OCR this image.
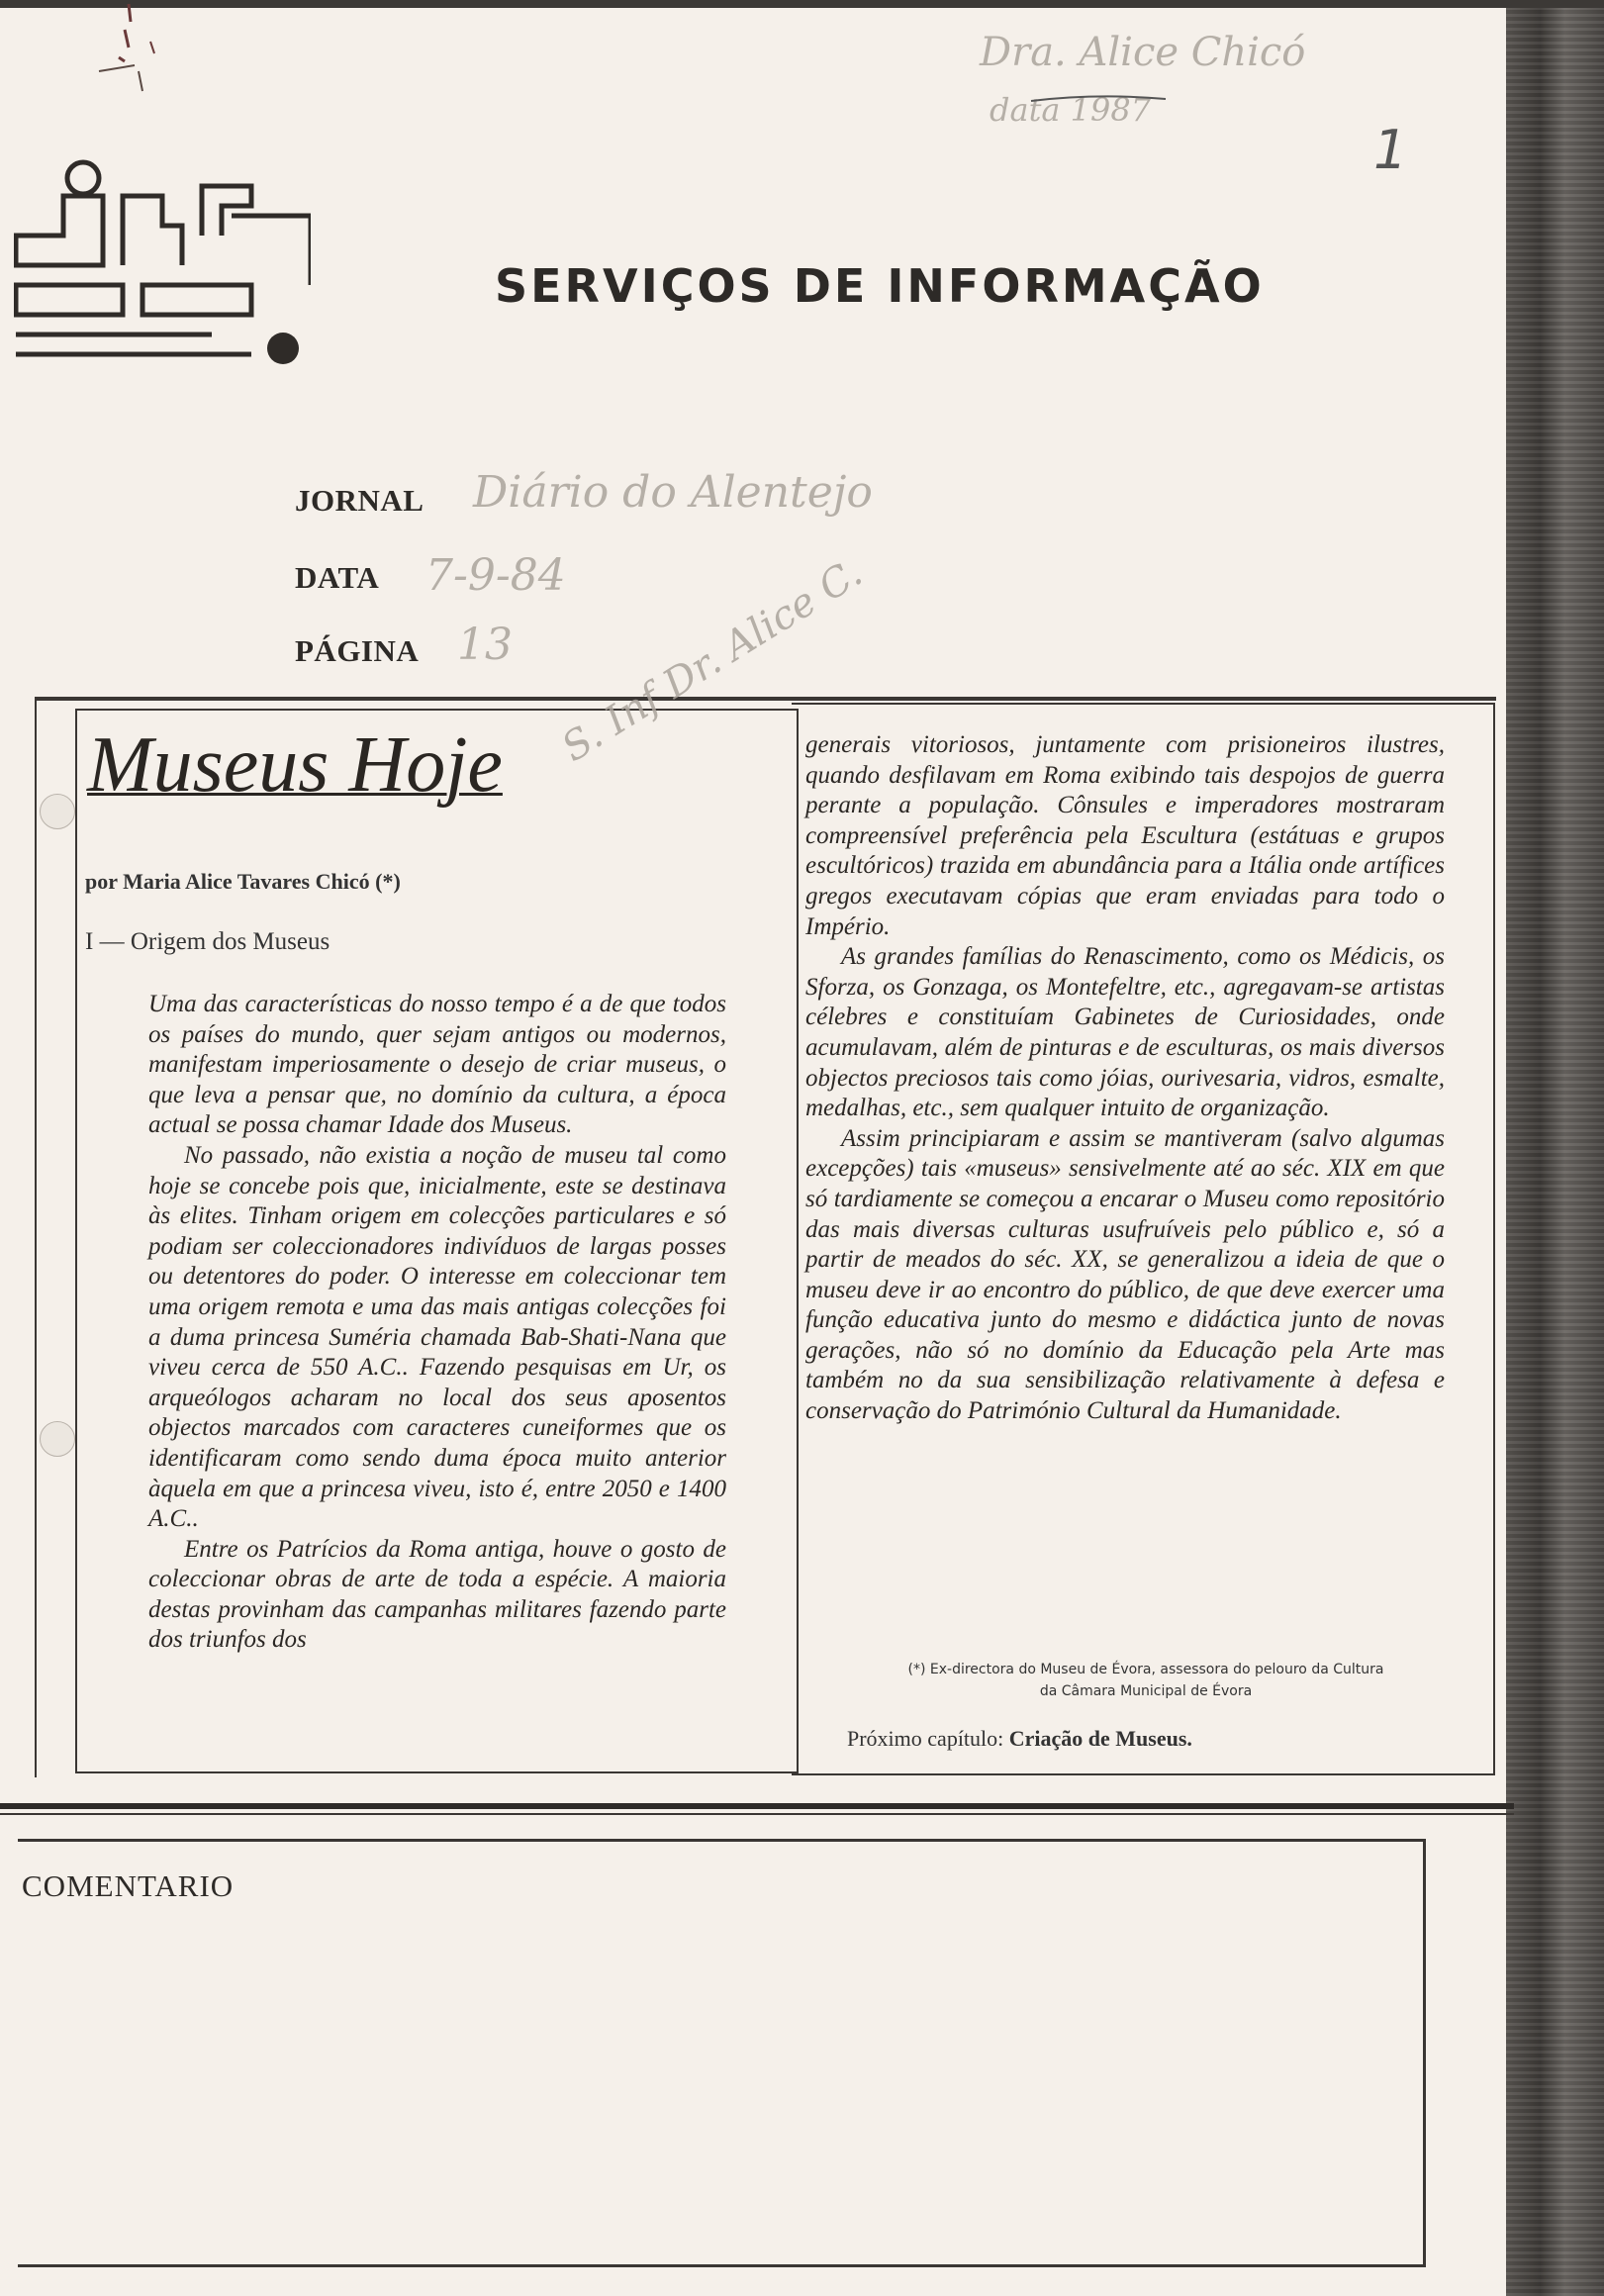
SERVIÇOS DE INFORMAÇÃO
1
Dra. Alice Chicó
data 1987
JORNAL Diário do Alentejo
DATA 7-9-84
PÁGINA 13
Museus Hoje S. Inf Dr. Alice C.
por Maria Alice Tavares Chicó (*)
I — Origem dos Museus

Uma das características do nosso tempo é a de que todos os países do mundo, quer sejam antigos ou modernos, manifestam imperiosamente o desejo de criar museus, o que leva a pensar que, no domínio da cultura, a época actual se possa chamar Idade dos Museus.

No passado, não existia a noção de museu tal como hoje se concebe pois que, inicialmente, este se destinava às elites. Tinham origem em colecções particulares e só podiam ser coleccionadores indivíduos de largas posses ou detentores do poder. O interesse em coleccionar tem uma origem remota e uma das mais antigas colecções foi a duma princesa Suméria chamada Bab-Shati-Nana que viveu cerca de 550 A.C.. Fazendo pesquisas em Ur, os arqueólogos acharam no local dos seus aposentos objectos marcados com caracteres cuneiformes que os identificaram como sendo duma época muito anterior àquela em que a princesa viveu, isto é, entre 2050 e 1400 A.C..

Entre os Patrícios da Roma antiga, houve o gosto de coleccionar obras de arte de toda a espécie. A maioria destas provinham das campanhas militares fazendo parte dos triunfos dos

generais vitoriosos, juntamente com prisioneiros ilustres, quando desfilavam em Roma exibindo tais despojos de guerra perante a população. Cônsules e imperadores mostraram compreensível preferência pela Escultura (estátuas e grupos escultóricos) trazida em abundância para a Itália onde artífices gregos executavam cópias que eram enviadas para todo o Império.

As grandes famílias do Renascimento, como os Médicis, os Sforza, os Gonzaga, os Montefeltre, etc., agregavam-se artistas célebres e constituíam Gabinetes de Curiosidades, onde acumulavam, além de pinturas e de esculturas, os mais diversos objectos preciosos tais como jóias, ourivesaria, vidros, esmalte, medalhas, etc., sem qualquer intuito de organização.

Assim principiaram e assim se mantiveram (salvo algumas excepções) tais «museus» sensivelmente até ao séc. XIX em que só tardiamente se começou a encarar o Museu como repositório das mais diversas culturas usufruíveis pelo público e, só a partir de meados do séc. XX, se generalizou a ideia de que o museu deve ir ao encontro do público, de que deve exercer uma função educativa junto do mesmo e didáctica junto de novas gerações, não só no domínio da Educação pela Arte mas também no da sua sensibilização relativamente à defesa e conservação do Património Cultural da Humanidade.

(*) Ex-directora do Museu de Évora, assessora do pelouro da Cultura
da Câmara Municipal de Évora
Próximo capítulo: Criação de Museus.
COMENTARIO
